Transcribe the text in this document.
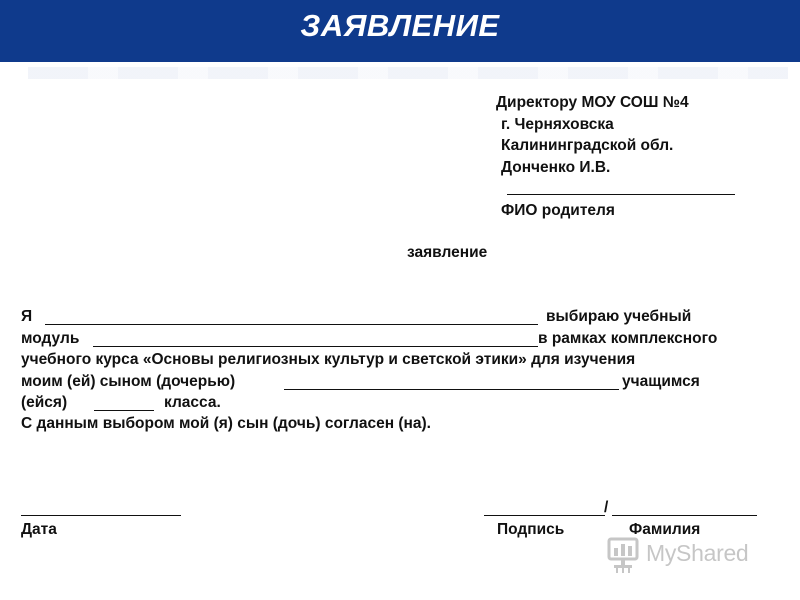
ЗАЯВЛЕНИЕ
Директору МОУ СОШ №4
г. Черняховска
Калининградской обл.
Донченко И.В.
ФИО родителя
заявление
Я	выбираю учебный
модуль	в рамках комплексного
учебного курса «Основы религиозных культур и светской этики» для изучения
моим (ей) сыном (дочерью)	учащимся
(ейся)	класса.
С данным выбором мой (я) сын (дочь) согласен (на).
/
Дата	Подпись	Фамилия
MyShared
